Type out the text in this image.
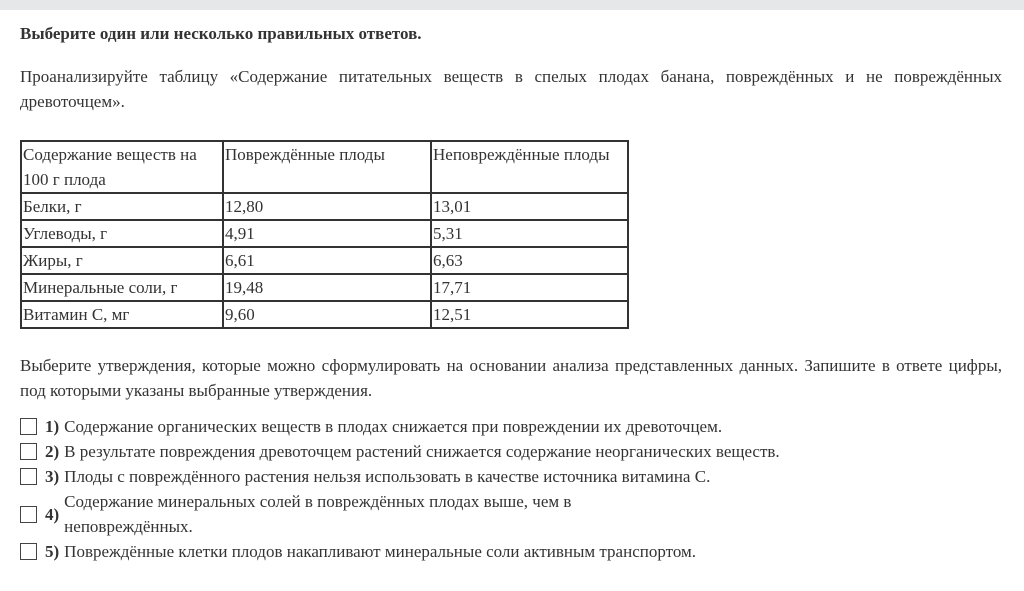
Выберите один или несколько правильных ответов.

Проанализируйте таблицу «Содержание питательных веществ в спелых плодах банана, повреждённых и не повреждённых древоточцем».

Содержание веществ на 100 г плода	Повреждённые плоды	Неповреждённые плоды
Белки, г	12,80	13,01
Углеводы, г	4,91	5,31
Жиры, г	6,61	6,63
Минеральные соли, г	19,48	17,71
Витамин С, мг	9,60	12,51

Выберите утверждения, которые можно сформулировать на основании анализа представленных данных. Запишите в ответе цифры, под которыми указаны выбранные утверждения.

1) Содержание органических веществ в плодах снижается при повреждении их древоточцем.
2) В результате повреждения древоточцем растений снижается содержание неорганических веществ.
3) Плоды с повреждённого растения нельзя использовать в качестве источника витамина С.
4)
Содержание минеральных солей в повреждённых плодах выше, чем в неповреждённых.
5) Повреждённые клетки плодов накапливают минеральные соли активным транспортом.
